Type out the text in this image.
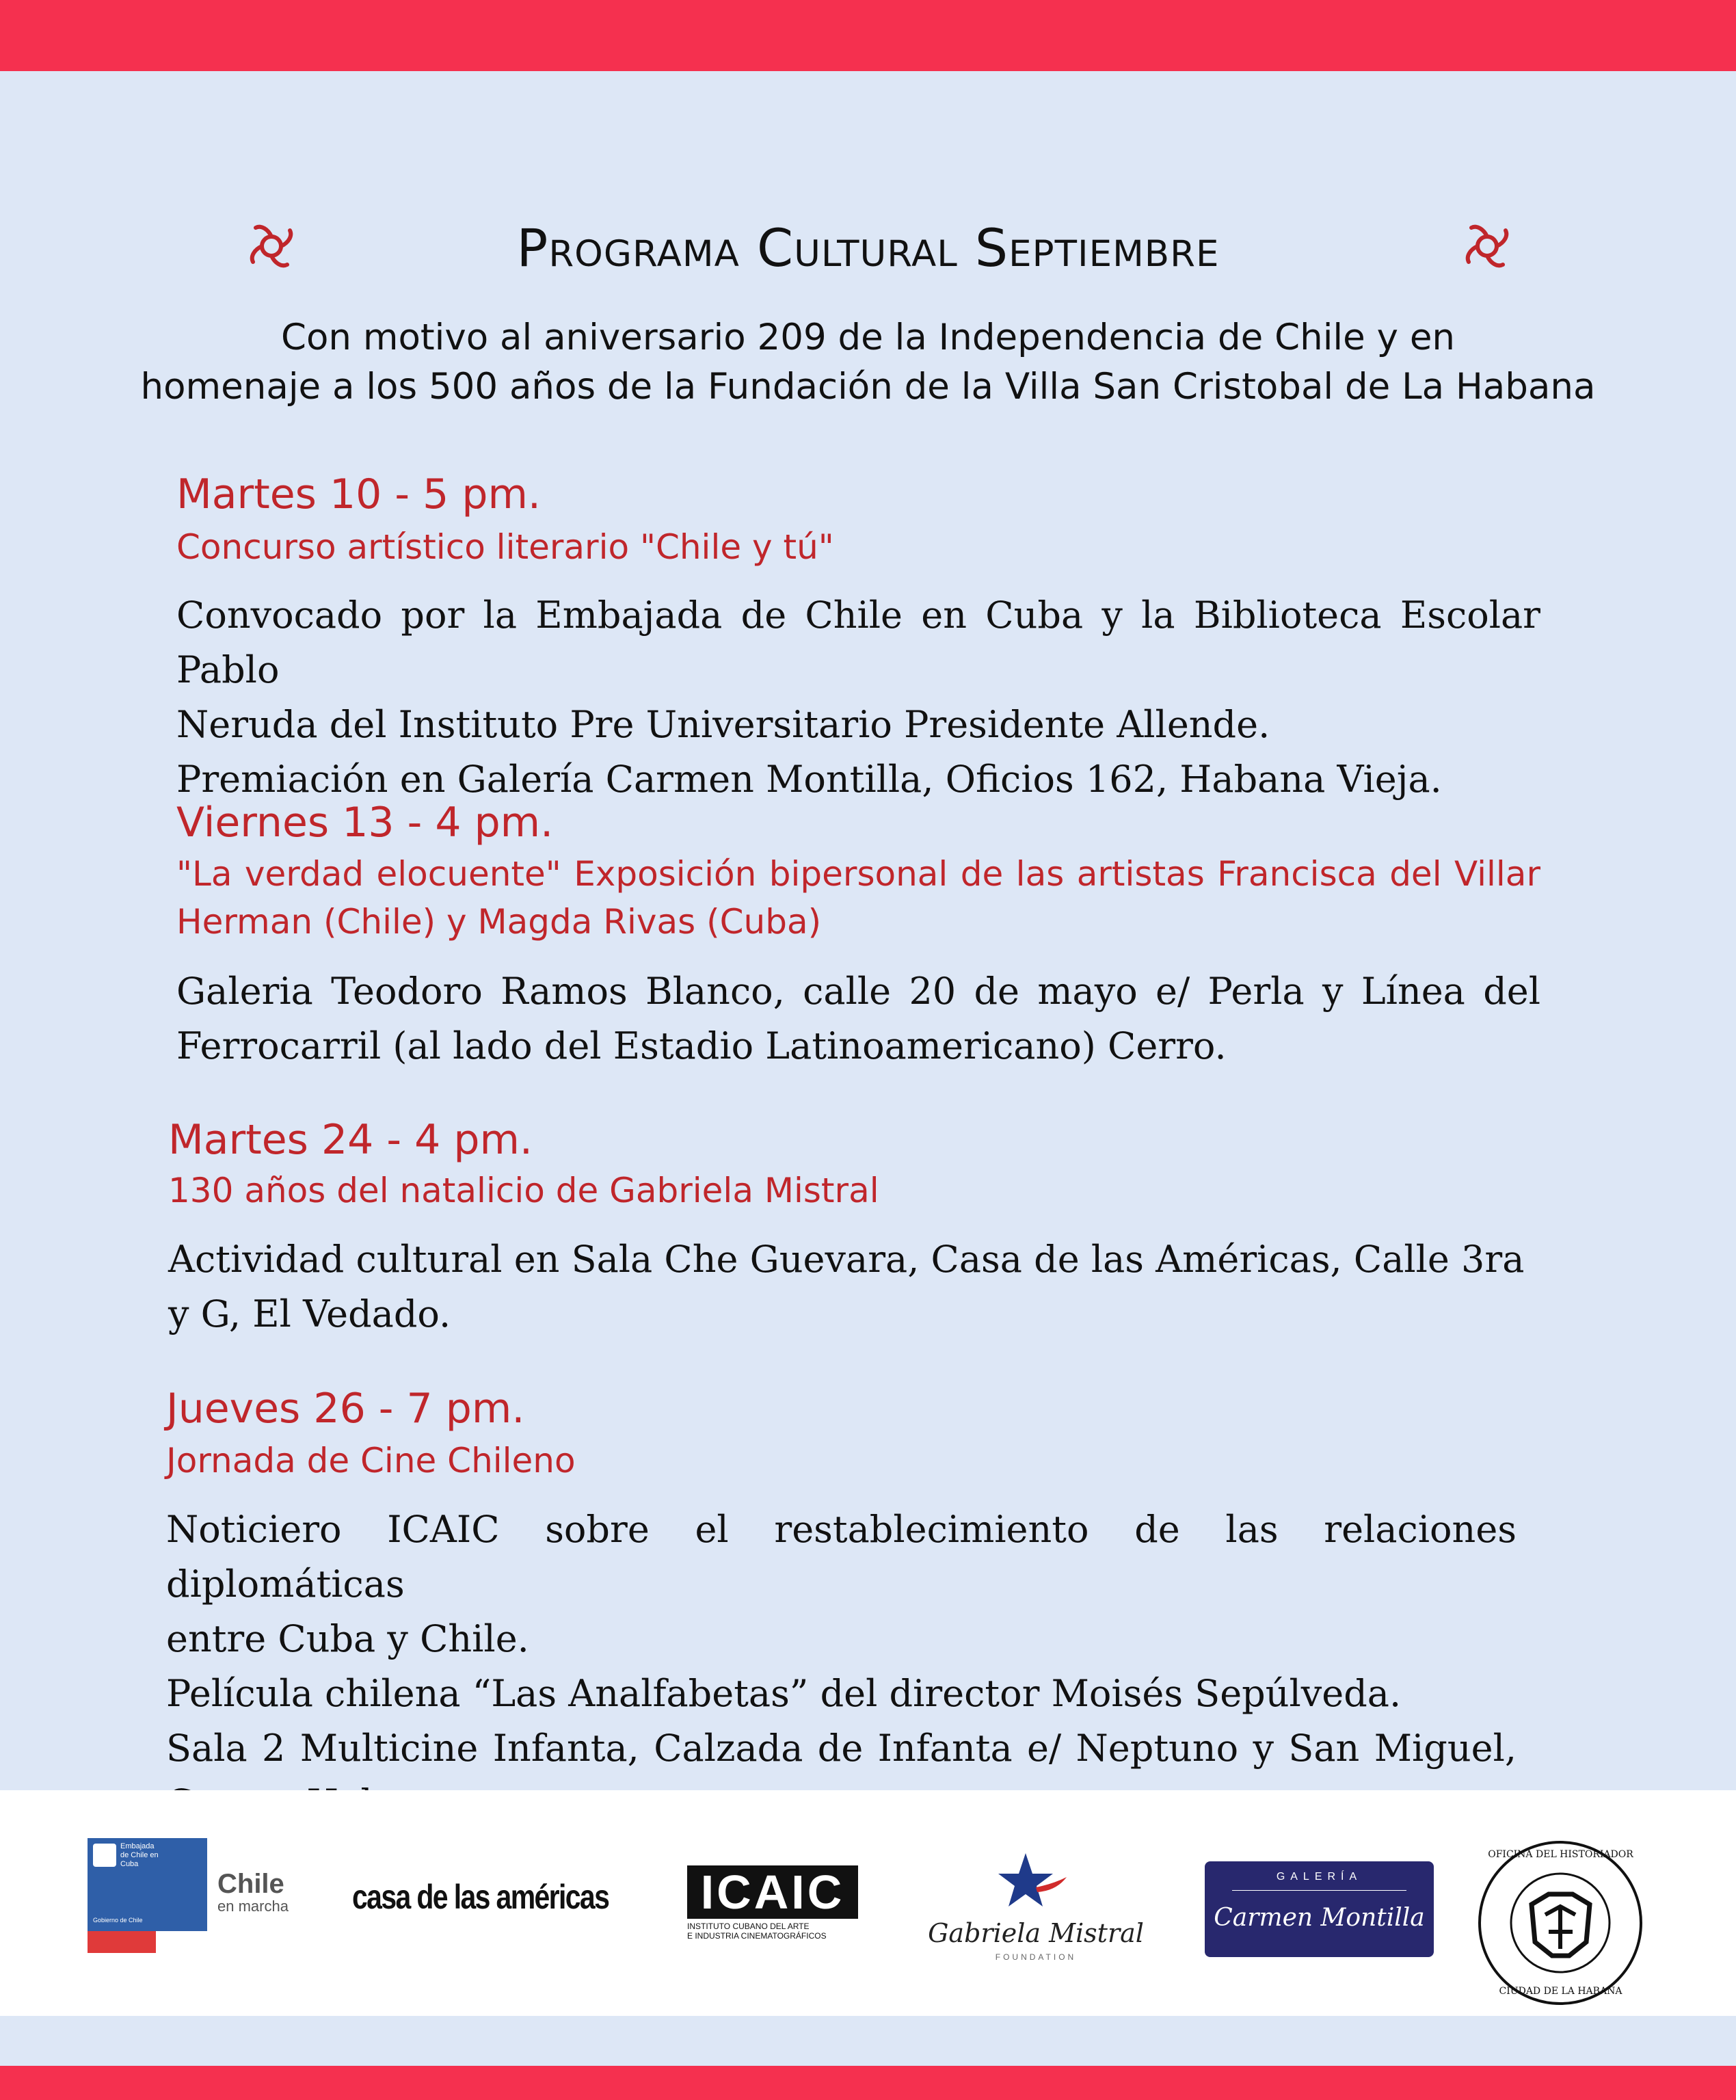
Programa Cultural Septiembre
Con motivo al aniversario 209 de la Independencia de Chile y en
homenaje a los 500 años de la Fundación de la Villa San Cristobal de La Habana
Martes 10 - 5 pm.
Concurso artístico literario "Chile y tú"
Convocado por la Embajada de Chile en Cuba y la Biblioteca Escolar Pablo
Neruda del Instituto Pre Universitario Presidente Allende.
Premiación en Galería Carmen Montilla, Oficios 162, Habana Vieja.
Viernes 13 - 4 pm.
"La verdad elocuente" Exposición bipersonal de las artistas Francisca del Villar
Herman (Chile) y Magda Rivas (Cuba)
Galeria Teodoro Ramos Blanco, calle 20 de mayo e/ Perla y Línea del
Ferrocarril (al lado del Estadio Latinoamericano) Cerro.
Martes 24 - 4 pm.
130 años del natalicio de Gabriela Mistral
Actividad cultural en Sala Che Guevara, Casa de las Américas, Calle 3ra
y G, El Vedado.
Jueves 26 - 7 pm.
Jornada de Cine Chileno
Noticiero ICAIC sobre el restablecimiento de las relaciones diplomáticas
entre Cuba y Chile.
Película chilena “Las Analfabetas” del director Moisés Sepúlveda.
Sala 2 Multicine Infanta, Calzada de Infanta e/ Neptuno y San Miguel,
Embajada
de Chile en
Cuba
Gobierno de Chile
Chile
en marcha casa de las américas ICAIC
INSTITUTO CUBANO DEL ARTE
E INDUSTRIA CINEMATOGRÁFICOS	Gabriela Mistral
FOUNDATION
GALERÍA
Carmen Montilla
OFICINA DEL HISTORIADOR
CIUDAD DE LA HABANA
